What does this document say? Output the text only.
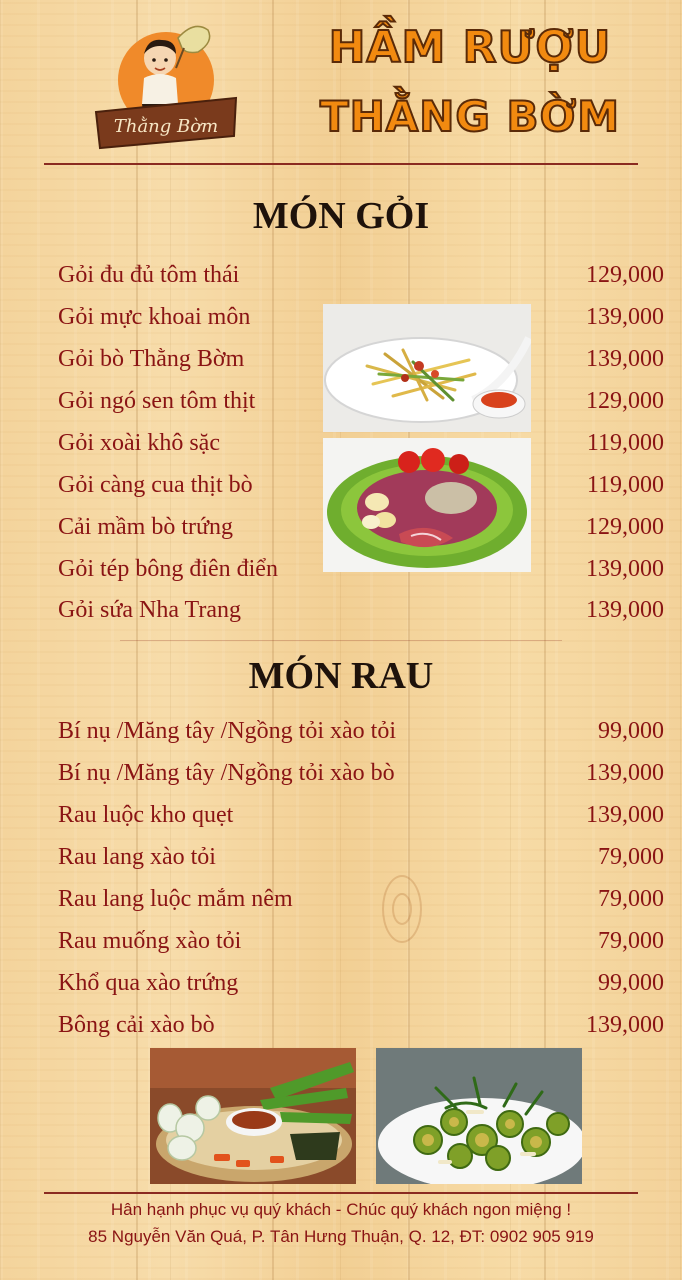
Thằng Bờm
HẦM RƯỢU
THẰNG BỜM
MÓN GỎI
Gỏi đu đủ tôm thái	129,000
Gỏi mực khoai môn	139,000
Gỏi bò Thằng Bờm	139,000
Gỏi ngó sen tôm thịt	129,000
Gỏi xoài khô sặc	119,000
Gỏi càng cua thịt bò	119,000
Cải mầm bò trứng	129,000
Gỏi tép bông điên điển	139,000
Gỏi sứa Nha Trang	139,000
MÓN RAU
Bí nụ /Măng tây /Ngồng tỏi xào tỏi	99,000
Bí nụ /Măng tây /Ngồng tỏi xào bò	139,000
Rau luộc kho quẹt	139,000
Rau lang xào tỏi	79,000
Rau lang luộc mắm nêm	79,000
Rau muống xào tỏi	79,000
Khổ qua xào trứng	99,000
Bông cải xào bò	139,000
Hân hạnh phục vụ quý khách - Chúc quý khách ngon miệng !
85 Nguyễn Văn Quá, P. Tân Hưng Thuận, Q. 12, ĐT: 0902 905 919
